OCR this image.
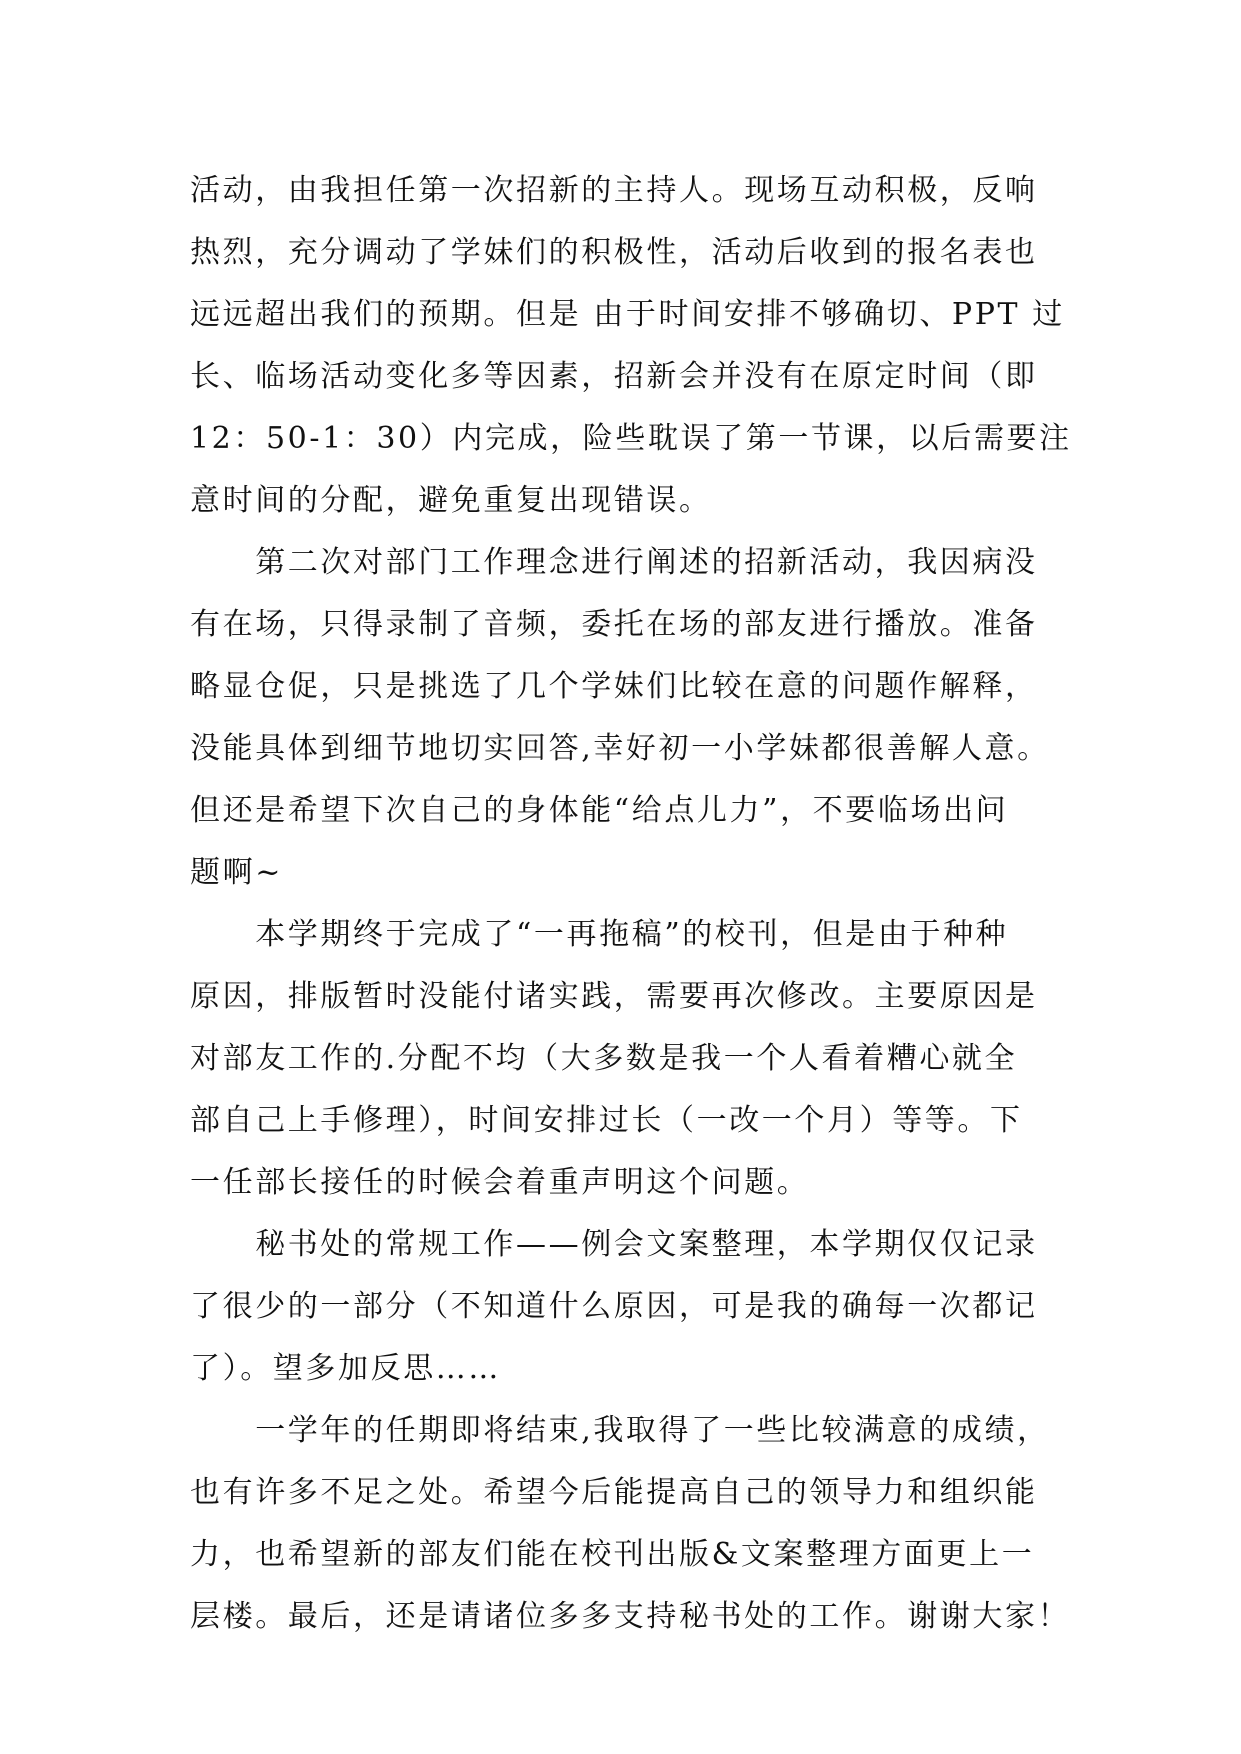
活动，由我担任第一次招新的主持人。现场互动积极，反响
热烈，充分调动了学妹们的积极性，活动后收到的报名表也
远远超出我们的预期。但是 由于时间安排不够确切、PPT 过
长、临场活动变化多等因素，招新会并没有在原定时间（即
12：50-1：30）内完成，险些耽误了第一节课，以后需要注
意时间的分配，避免重复出现错误。
　　第二次对部门工作理念进行阐述的招新活动，我因病没
有在场，只得录制了音频，委托在场的部友进行播放。准备
略显仓促，只是挑选了几个学妹们比较在意的问题作解释，
没能具体到细节地切实回答,幸好初一小学妹都很善解人意。
但还是希望下次自己的身体能“给点儿力”，不要临场出问
题啊~
　　本学期终于完成了“一再拖稿”的校刊，但是由于种种
原因，排版暂时没能付诸实践，需要再次修改。主要原因是
对部友工作的.分配不均（大多数是我一个人看着糟心就全
部自己上手修理），时间安排过长（一改一个月）等等。下
一任部长接任的时候会着重声明这个问题。
　　秘书处的常规工作——例会文案整理，本学期仅仅记录
了很少的一部分（不知道什么原因，可是我的确每一次都记
了）。望多加反思……
　　一学年的任期即将结束,我取得了一些比较满意的成绩，
也有许多不足之处。希望今后能提高自己的领导力和组织能
力，也希望新的部友们能在校刊出版&文案整理方面更上一
层楼。最后，还是请诸位多多支持秘书处的工作。谢谢大家！
